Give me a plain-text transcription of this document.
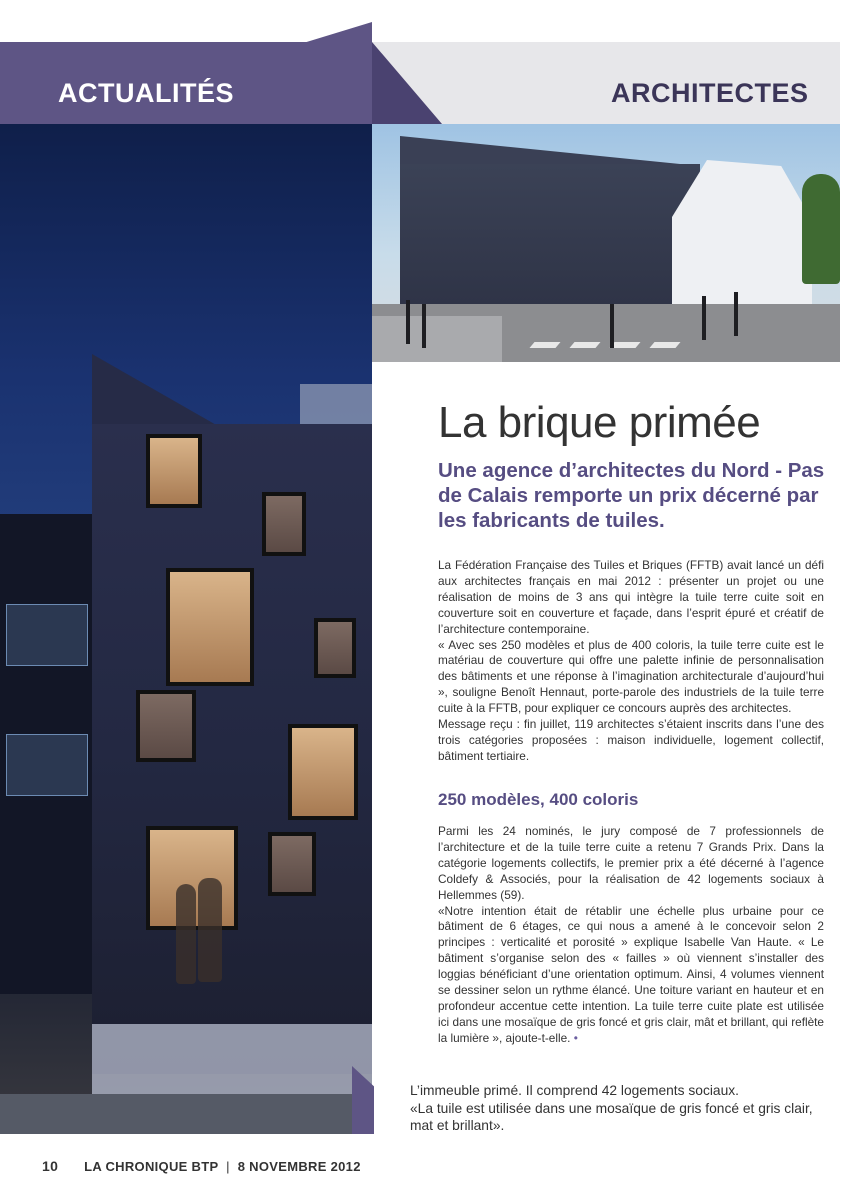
ACTUALITÉS	ARCHITECTES
La brique primée
Une agence d’architectes du Nord - Pas de Calais remporte un prix décerné par les fabricants de tuiles.

La Fédération Française des Tuiles et Briques (FFTB) avait lancé un défi aux architectes français en mai 2012 : présenter un projet ou une réalisation de moins de 3 ans qui intègre la tuile terre cuite soit en couverture soit en couverture et façade, dans l’esprit épuré et créatif de l’architecture contemporaine.

« Avec ses 250 modèles et plus de 400 coloris, la tuile terre cuite est le matériau de couverture qui offre une palette infinie de personnalisation des bâtiments et une réponse à l’imagination architecturale d’aujourd’hui », souligne Benoît Hennaut, porte-parole des industriels de la tuile terre cuite à la FFTB, pour expliquer ce concours auprès des architectes.

Message reçu : fin juillet, 119 architectes s’étaient inscrits dans l’une des trois catégories proposées : maison individuelle, logement collectif, bâtiment tertiaire.

250 modèles, 400 coloris

Parmi les 24 nominés, le jury composé de 7 professionnels de l’architecture et de la tuile terre cuite a retenu 7 Grands Prix. Dans la catégorie logements collectifs, le premier prix a été décerné à l’agence Coldefy & Associés, pour la réalisation de 42 logements sociaux à Hellemmes (59).

«Notre intention était de rétablir une échelle plus urbaine pour ce bâtiment de 6 étages, ce qui nous a amené à le concevoir selon 2 principes : verticalité et porosité » explique Isabelle Van Haute. « Le bâtiment s’organise selon des « failles » où viennent s’installer des loggias bénéficiant d’une orientation optimum. Ainsi, 4 volumes viennent se dessiner selon un rythme élancé. Une toiture variant en hauteur et en profondeur accentue cette intention. La tuile terre cuite plate est utilisée ici dans une mosaïque de gris foncé et gris clair, mât et brillant, qui reflète la lumière », ajoute-t-elle. •

L’immeuble primé. Il comprend 42 logements sociaux.
«La tuile est utilisée dans une mosaïque de gris foncé et gris clair, mat et brillant».
10 LA CHRONIQUE BTP | 8 NOVEMBRE 2012
